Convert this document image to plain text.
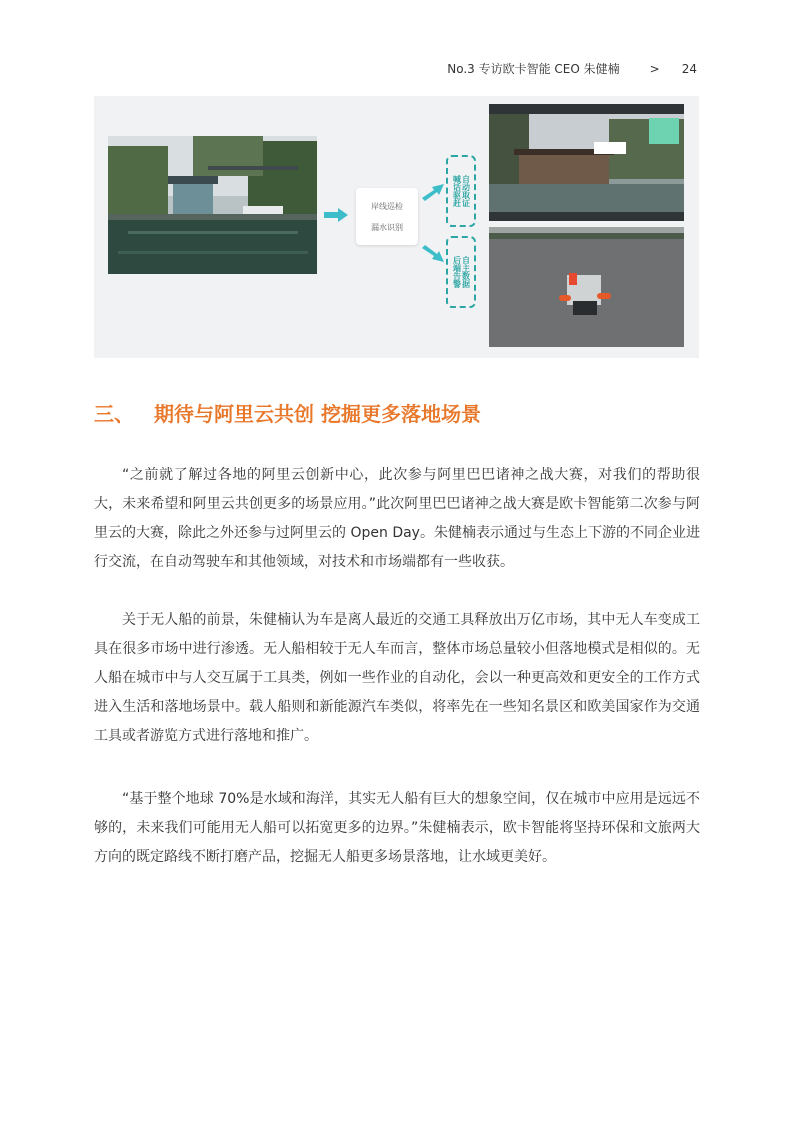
No.3 专访欧卡智能 CEO 朱健楠	> 24
岸线巡检
漏水识别
自动取证
喊话驱赶
自主数据
后端告警
三、 期待与阿里云共创 挖掘更多落地场景

“之前就了解过各地的阿里云创新中心，此次参与阿里巴巴诸神之战大赛，对我们的帮助很大，未来希望和阿里云共创更多的场景应用。”此次阿里巴巴诸神之战大赛是欧卡智能第二次参与阿里云的大赛，除此之外还参与过阿里云的 Open Day。朱健楠表示通过与生态上下游的不同企业进行交流，在自动驾驶车和其他领域，对技术和市场端都有一些收获。

关于无人船的前景，朱健楠认为车是离人最近的交通工具释放出万亿市场，其中无人车变成工具在很多市场中进行渗透。无人船相较于无人车而言，整体市场总量较小但落地模式是相似的。无人船在城市中与人交互属于工具类，例如一些作业的自动化，会以一种更高效和更安全的工作方式进入生活和落地场景中。载人船则和新能源汽车类似，将率先在一些知名景区和欧美国家作为交通工具或者游览方式进行落地和推广。

“基于整个地球 70%是水域和海洋，其实无人船有巨大的想象空间，仅在城市中应用是远远不够的，未来我们可能用无人船可以拓宽更多的边界。”朱健楠表示，欧卡智能将坚持环保和文旅两大方向的既定路线不断打磨产品，挖掘无人船更多场景落地，让水域更美好。
